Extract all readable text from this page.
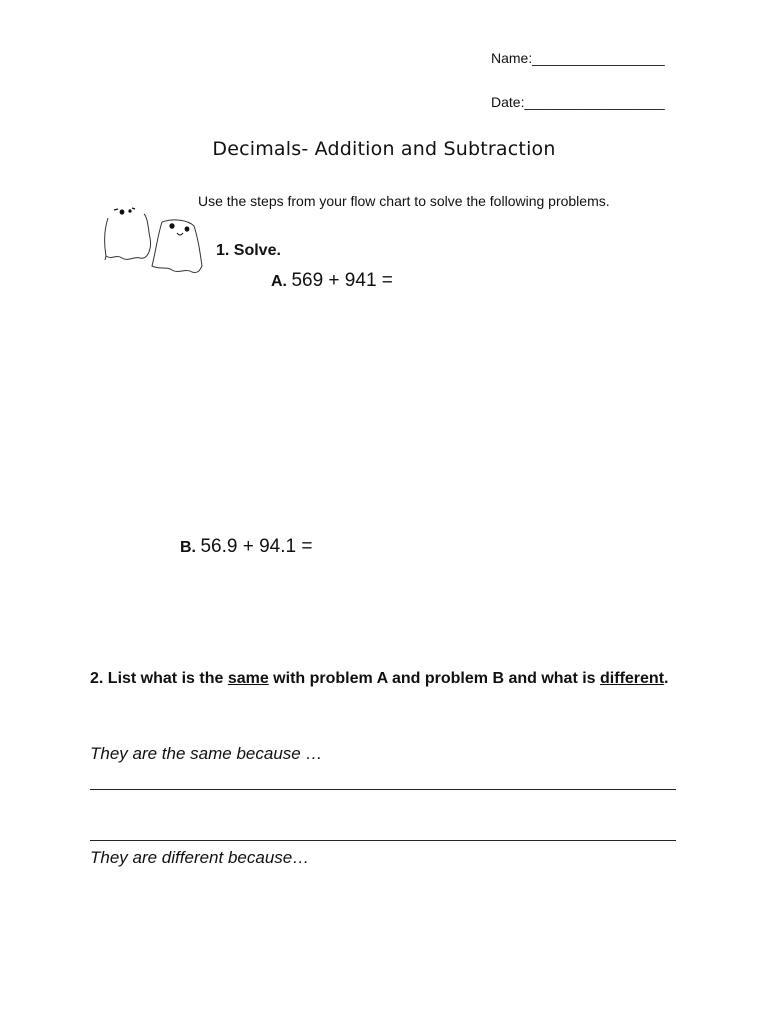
Name:_________________
Date:__________________
Decimals- Addition and Subtraction
Use the steps from your flow chart to solve the following problems.
1. Solve.
A. 569 + 941 =
B. 56.9 + 94.1 =
2. List what is the same with problem A and problem B and what is different.
They are the same because …
They are different because…
